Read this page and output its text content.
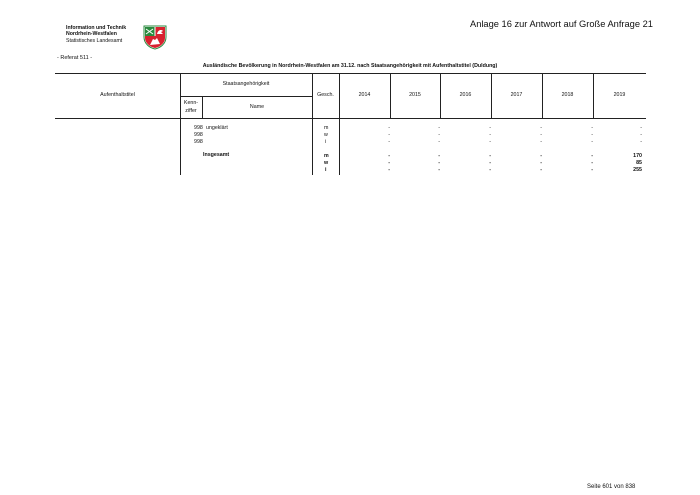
Information und Technik
Nordrhein-Westfalen
Statistisches Landesamt
Anlage 16 zur Antwort auf Große Anfrage 21
- Referat 511 -
Ausländische Bevölkerung in Nordrhein-Westfalen am 31.12. nach Staatsangehörigkeit mit Aufenthaltstitel (Duldung)
Aufenthaltstitel
Staatsangehörigkeit
Kenn-
ziffer
Name
Gesch.	2014	2015	2016	2017	2018	2019
998 ungeklärt	m	-	-	-	-	-	-
998	w	-	-	-	-	-	-
998	i	-	-	-	-	-	-
Insgesamt	m	-	-	-	-	-	170
w	-	-	-	-	-	85
i	-	-	-	-	-	255
Seite 601 von 838
